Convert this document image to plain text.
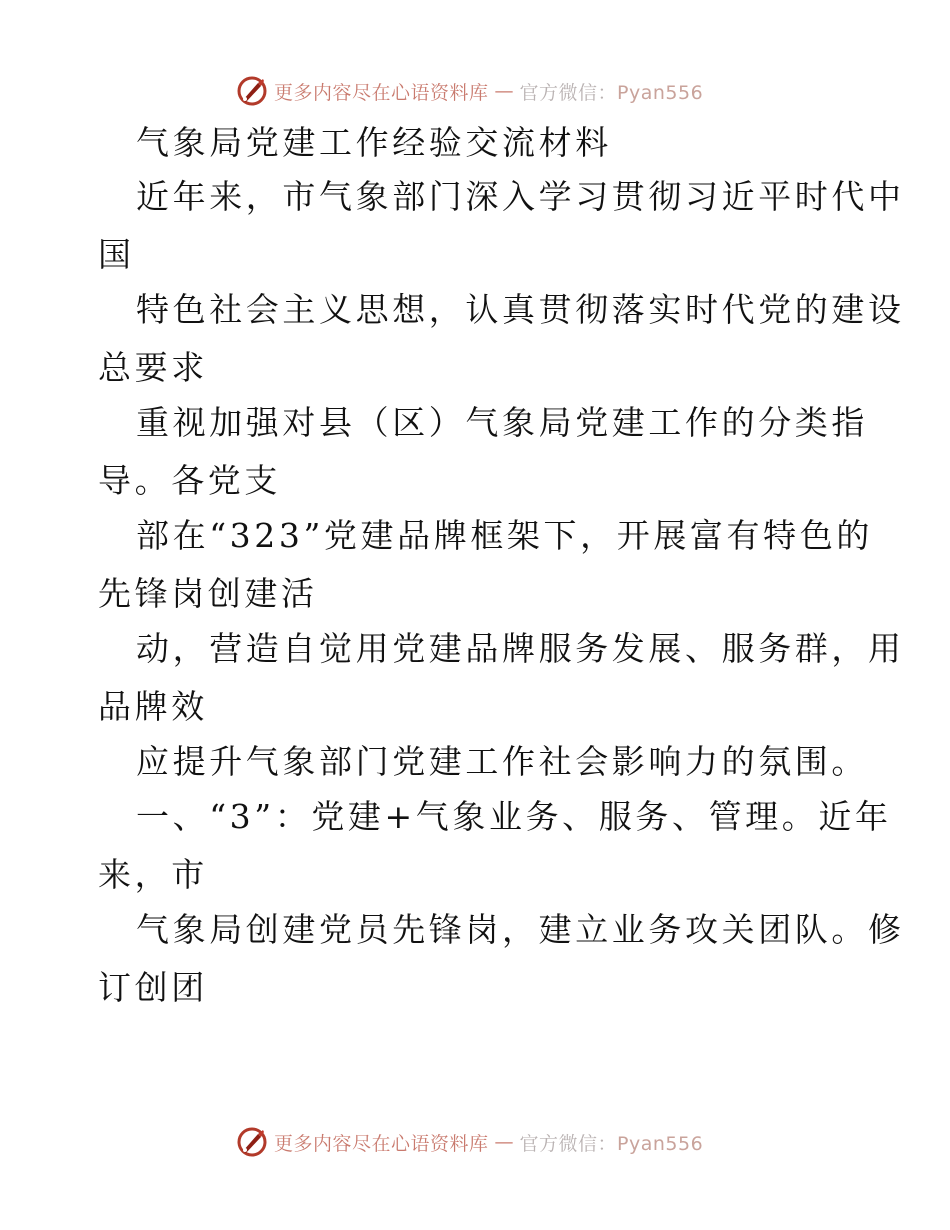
更多内容尽在心语资料库 — 官方微信：Pyan556
气象局党建工作经验交流材料
近年来，市气象部门深入学习贯彻习近平时代中
国
特色社会主义思想，认真贯彻落实时代党的建设
总要求
重视加强对县（区）气象局党建工作的分类指
导。各党支
部在“323”党建品牌框架下，开展富有特色的
先锋岗创建活
动，营造自觉用党建品牌服务发展、服务群，用
品牌效
应提升气象部门党建工作社会影响力的氛围。
一、“3”：党建+气象业务、服务、管理。近年
来，市
气象局创建党员先锋岗，建立业务攻关团队。修
订创团
更多内容尽在心语资料库 — 官方微信：Pyan556
